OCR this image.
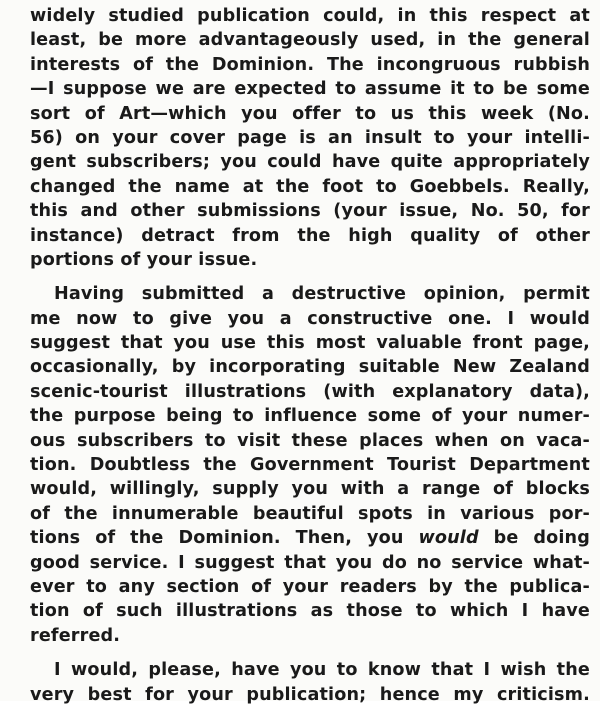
widely studied publication could, in this respect at
least, be more advantageously used, in the general
interests of the Dominion. The incongruous rubbish
—I suppose we are expected to assume it to be some
sort of Art—which you offer to us this week (No.
56) on your cover page is an insult to your intelli-
gent subscribers; you could have quite appropriately
changed the name at the foot to Goebbels. Really,
this and other submissions (your issue, No. 50, for
instance) detract from the high quality of other
portions of your issue.
Having submitted a destructive opinion, permit
me now to give you a constructive one. I would
suggest that you use this most valuable front page,
occasionally, by incorporating suitable New Zealand
scenic-tourist illustrations (with explanatory data),
the purpose being to influence some of your numer-
ous subscribers to visit these places when on vaca-
tion. Doubtless the Government Tourist Department
would, willingly, supply you with a range of blocks
of the innumerable beautiful spots in various por-
tions of the Dominion. Then, you would be doing
good service. I suggest that you do no service what-
ever to any section of your readers by the publica-
tion of such illustrations as those to which I have
referred.
I would, please, have you to know that I wish the
very best for your publication; hence my criticism.
